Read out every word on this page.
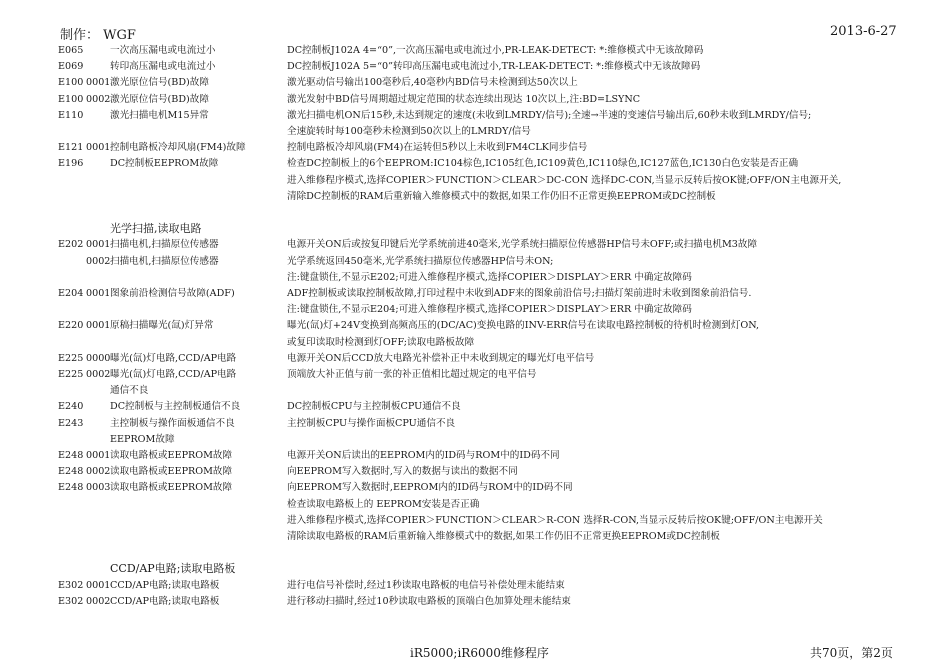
制作： WGF	2013-6-27
E065	一次高压漏电或电流过小	DC控制板J102A 4=“0”,一次高压漏电或电流过小,PR-LEAK-DETECT: *:维修模式中无该故障码
E069	转印高压漏电或电流过小	DC控制板J102A 5=“0”转印高压漏电或电流过小,TR-LEAK-DETECT: *:维修模式中无该故障码
E100 0001 激光原位信号(BD)故障	激光驱动信号输出100毫秒后,40毫秒内BD信号未检测到达50次以上
E100 0002 激光原位信号(BD)故障	激光发射中BD信号周期超过规定范围的状态连续出现达 10次以上,注:BD=LSYNC
E110	激光扫描电机M15异常	激光扫描电机ON后15秒,未达到规定的速度(未收到LMRDY/信号);全速→半速的变速信号输出后,60秒未收到LMRDY/信号;
全速旋转时每100毫秒未检测到50次以上的LMRDY/信号
E121 0001 控制电路板冷却风扇(FM4)故障	控制电路板冷却风扇(FM4)在运转但5秒以上未收到FM4CLK同步信号
E196	DC控制板EEPROM故障	检查DC控制板上的6个EEPROM:IC104棕色,IC105红色,IC109黄色,IC110绿色,IC127蓝色,IC130白色安装是否正确
进入维修程序模式,选择COPIER＞FUNCTION＞CLEAR＞DC-CON 选择DC-CON,当显示反转后按OK键;OFF/ON主电源开关,
清除DC控制板的RAM后重新输入维修模式中的数据,如果工作仍旧不正常更换EEPROM或DC控制板
光学扫描,读取电路
E202 0001 扫描电机,扫描原位传感器	电源开关ON后或按复印键后光学系统前进40毫米,光学系统扫描原位传感器HP信号未OFF;或扫描电机M3故障
0002 扫描电机,扫描原位传感器	光学系统返回450毫米,光学系统扫描原位传感器HP信号未ON;
注:键盘锁住,不显示E202;可进入维修程序模式,选择COPIER＞DISPLAY＞ERR 中确定故障码
E204 0001 图象前沿检测信号故障(ADF)	ADF控制板或读取控制板故障,打印过程中未收到ADF来的图象前沿信号;扫描灯架前进时未收到图象前沿信号.
注:键盘锁住,不显示E204;可进入维修程序模式,选择COPIER＞DISPLAY＞ERR 中确定故障码
E220 0001 原稿扫描曝光(氙)灯异常	曝光(氙)灯+24V变换到高频高压的(DC/AC)变换电路的INV-ERR信号在读取电路控制板的待机时检测到灯ON,
或复印读取时检测到灯OFF;读取电路板故障
E225 0000 曝光(氙)灯电路,CCD/AP电路	电源开关ON后CCD放大电路光补偿补正中未收到规定的曝光灯电平信号
E225 0002 曝光(氙)灯电路,CCD/AP电路	顶端放大补正值与前一张的补正值相比超过规定的电平信号
通信不良
E240	DC控制板与主控制板通信不良	DC控制板CPU与主控制板CPU通信不良
E243	主控制板与操作面板通信不良	主控制板CPU与操作面板CPU通信不良
EEPROM故障
E248 0001 读取电路板或EEPROM故障	电源开关ON后读出的EEPROM内的ID码与ROM中的ID码不同
E248 0002 读取电路板或EEPROM故障	向EEPROM写入数据时,写入的数据与读出的数据不同
E248 0003 读取电路板或EEPROM故障	向EEPROM写入数据时,EEPROM内的ID码与ROM中的ID码不同
检查读取电路板上的 EEPROM安装是否正确
进入维修程序模式,选择COPIER＞FUNCTION＞CLEAR＞R-CON 选择R-CON,当显示反转后按OK键;OFF/ON主电源开关
清除读取电路板的RAM后重新输入维修模式中的数据,如果工作仍旧不正常更换EEPROM或DC控制板
CCD/AP电路;读取电路板
E302 0001 CCD/AP电路;读取电路板	进行电信号补偿时,经过1秒读取电路板的电信号补偿处理未能结束
E302 0002 CCD/AP电路;读取电路板	进行移动扫描时,经过10秒读取电路板的顶端白色加算处理未能结束
iR5000;iR6000维修程序	共70页，第2页
